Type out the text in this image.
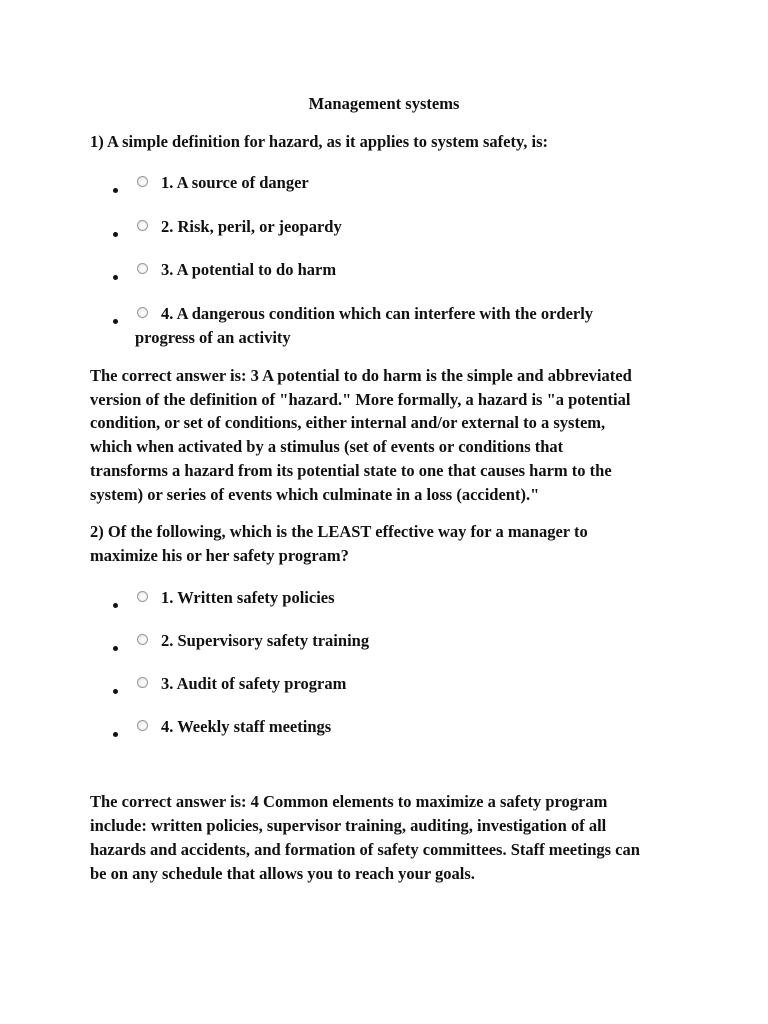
Management systems
1) A simple definition for hazard, as it applies to system safety, is:
1. A source of danger
2. Risk, peril, or jeopardy
3. A potential to do harm
4. A dangerous condition which can interfere with the orderly
progress of an activity
The correct answer is: 3 A potential to do harm is the simple and abbreviated
version of the definition of "hazard." More formally, a hazard is "a potential
condition, or set of conditions, either internal and/or external to a system,
which when activated by a stimulus (set of events or conditions that
transforms a hazard from its potential state to one that causes harm to the
system) or series of events which culminate in a loss (accident)."
2) Of the following, which is the LEAST effective way for a manager to
maximize his or her safety program?
1. Written safety policies
2. Supervisory safety training
3. Audit of safety program
4. Weekly staff meetings
The correct answer is: 4 Common elements to maximize a safety program
include: written policies, supervisor training, auditing, investigation of all
hazards and accidents, and formation of safety committees. Staff meetings can
be on any schedule that allows you to reach your goals.
